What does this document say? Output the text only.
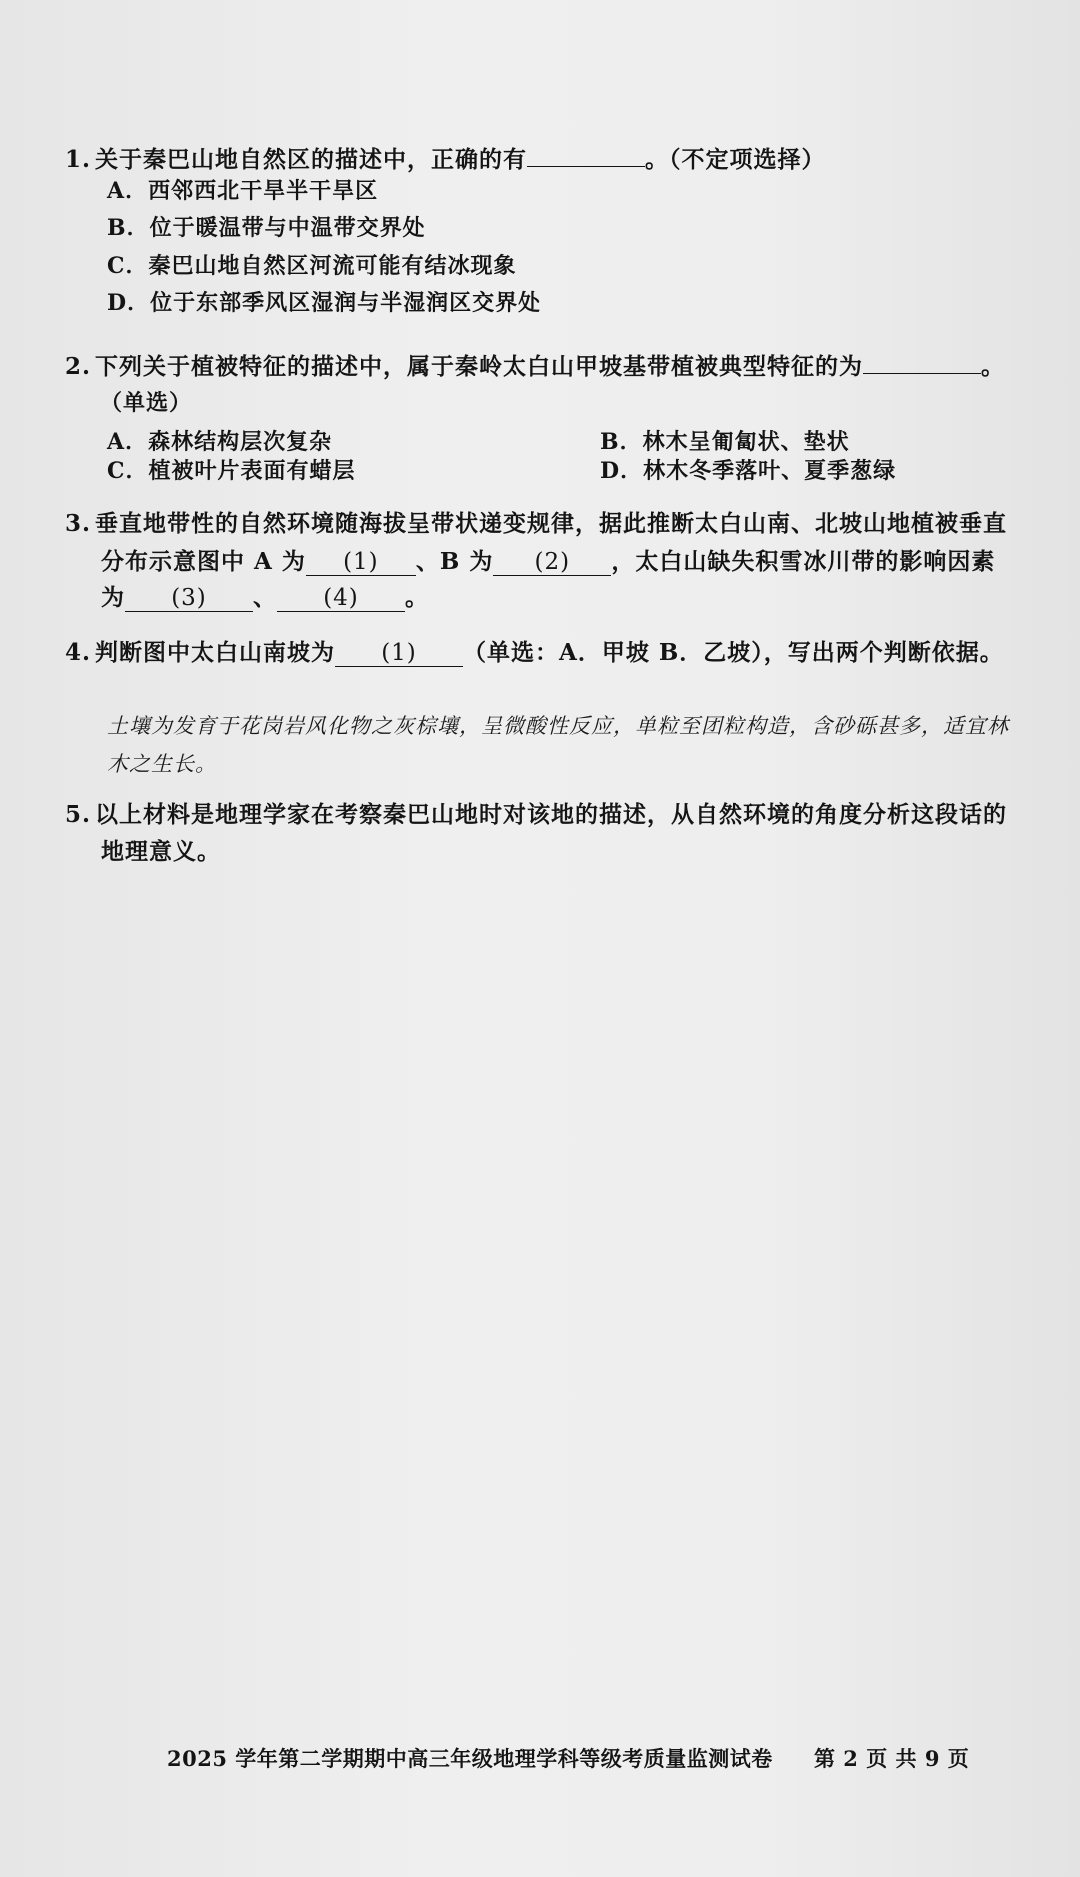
1. 关于秦巴山地自然区的描述中，正确的有	。（不定项选择）
A．西邻西北干旱半干旱区
B．位于暖温带与中温带交界处
C．秦巴山地自然区河流可能有结冰现象
D．位于东部季风区湿润与半湿润区交界处
2. 下列关于植被特征的描述中，属于秦岭太白山甲坡基带植被典型特征的为	。
（单选）
A．森林结构层次复杂	B．林木呈匍匐状、垫状
C．植被叶片表面有蜡层	D．林木冬季落叶、夏季葱绿
3. 垂直地带性的自然环境随海拔呈带状递变规律，据此推断太白山南、北坡山地植被垂直
分布示意图中 A 为 (1) 、B 为 (2) ，太白山缺失积雪冰川带的影响因素
为 (3) 、 (4) 。
4. 判断图中太白山南坡为 (1) （单选：A．甲坡 B．乙坡），写出两个判断依据。
土壤为发育于花岗岩风化物之灰棕壤，呈微酸性反应，单粒至团粒构造，含砂砾甚多，适宜林木之生长。
5. 以上材料是地理学家在考察秦巴山地时对该地的描述，从自然环境的角度分析这段话的
地理意义。
2025 学年第二学期期中高三年级地理学科等级考质量监测试卷 第 2 页 共 9 页
